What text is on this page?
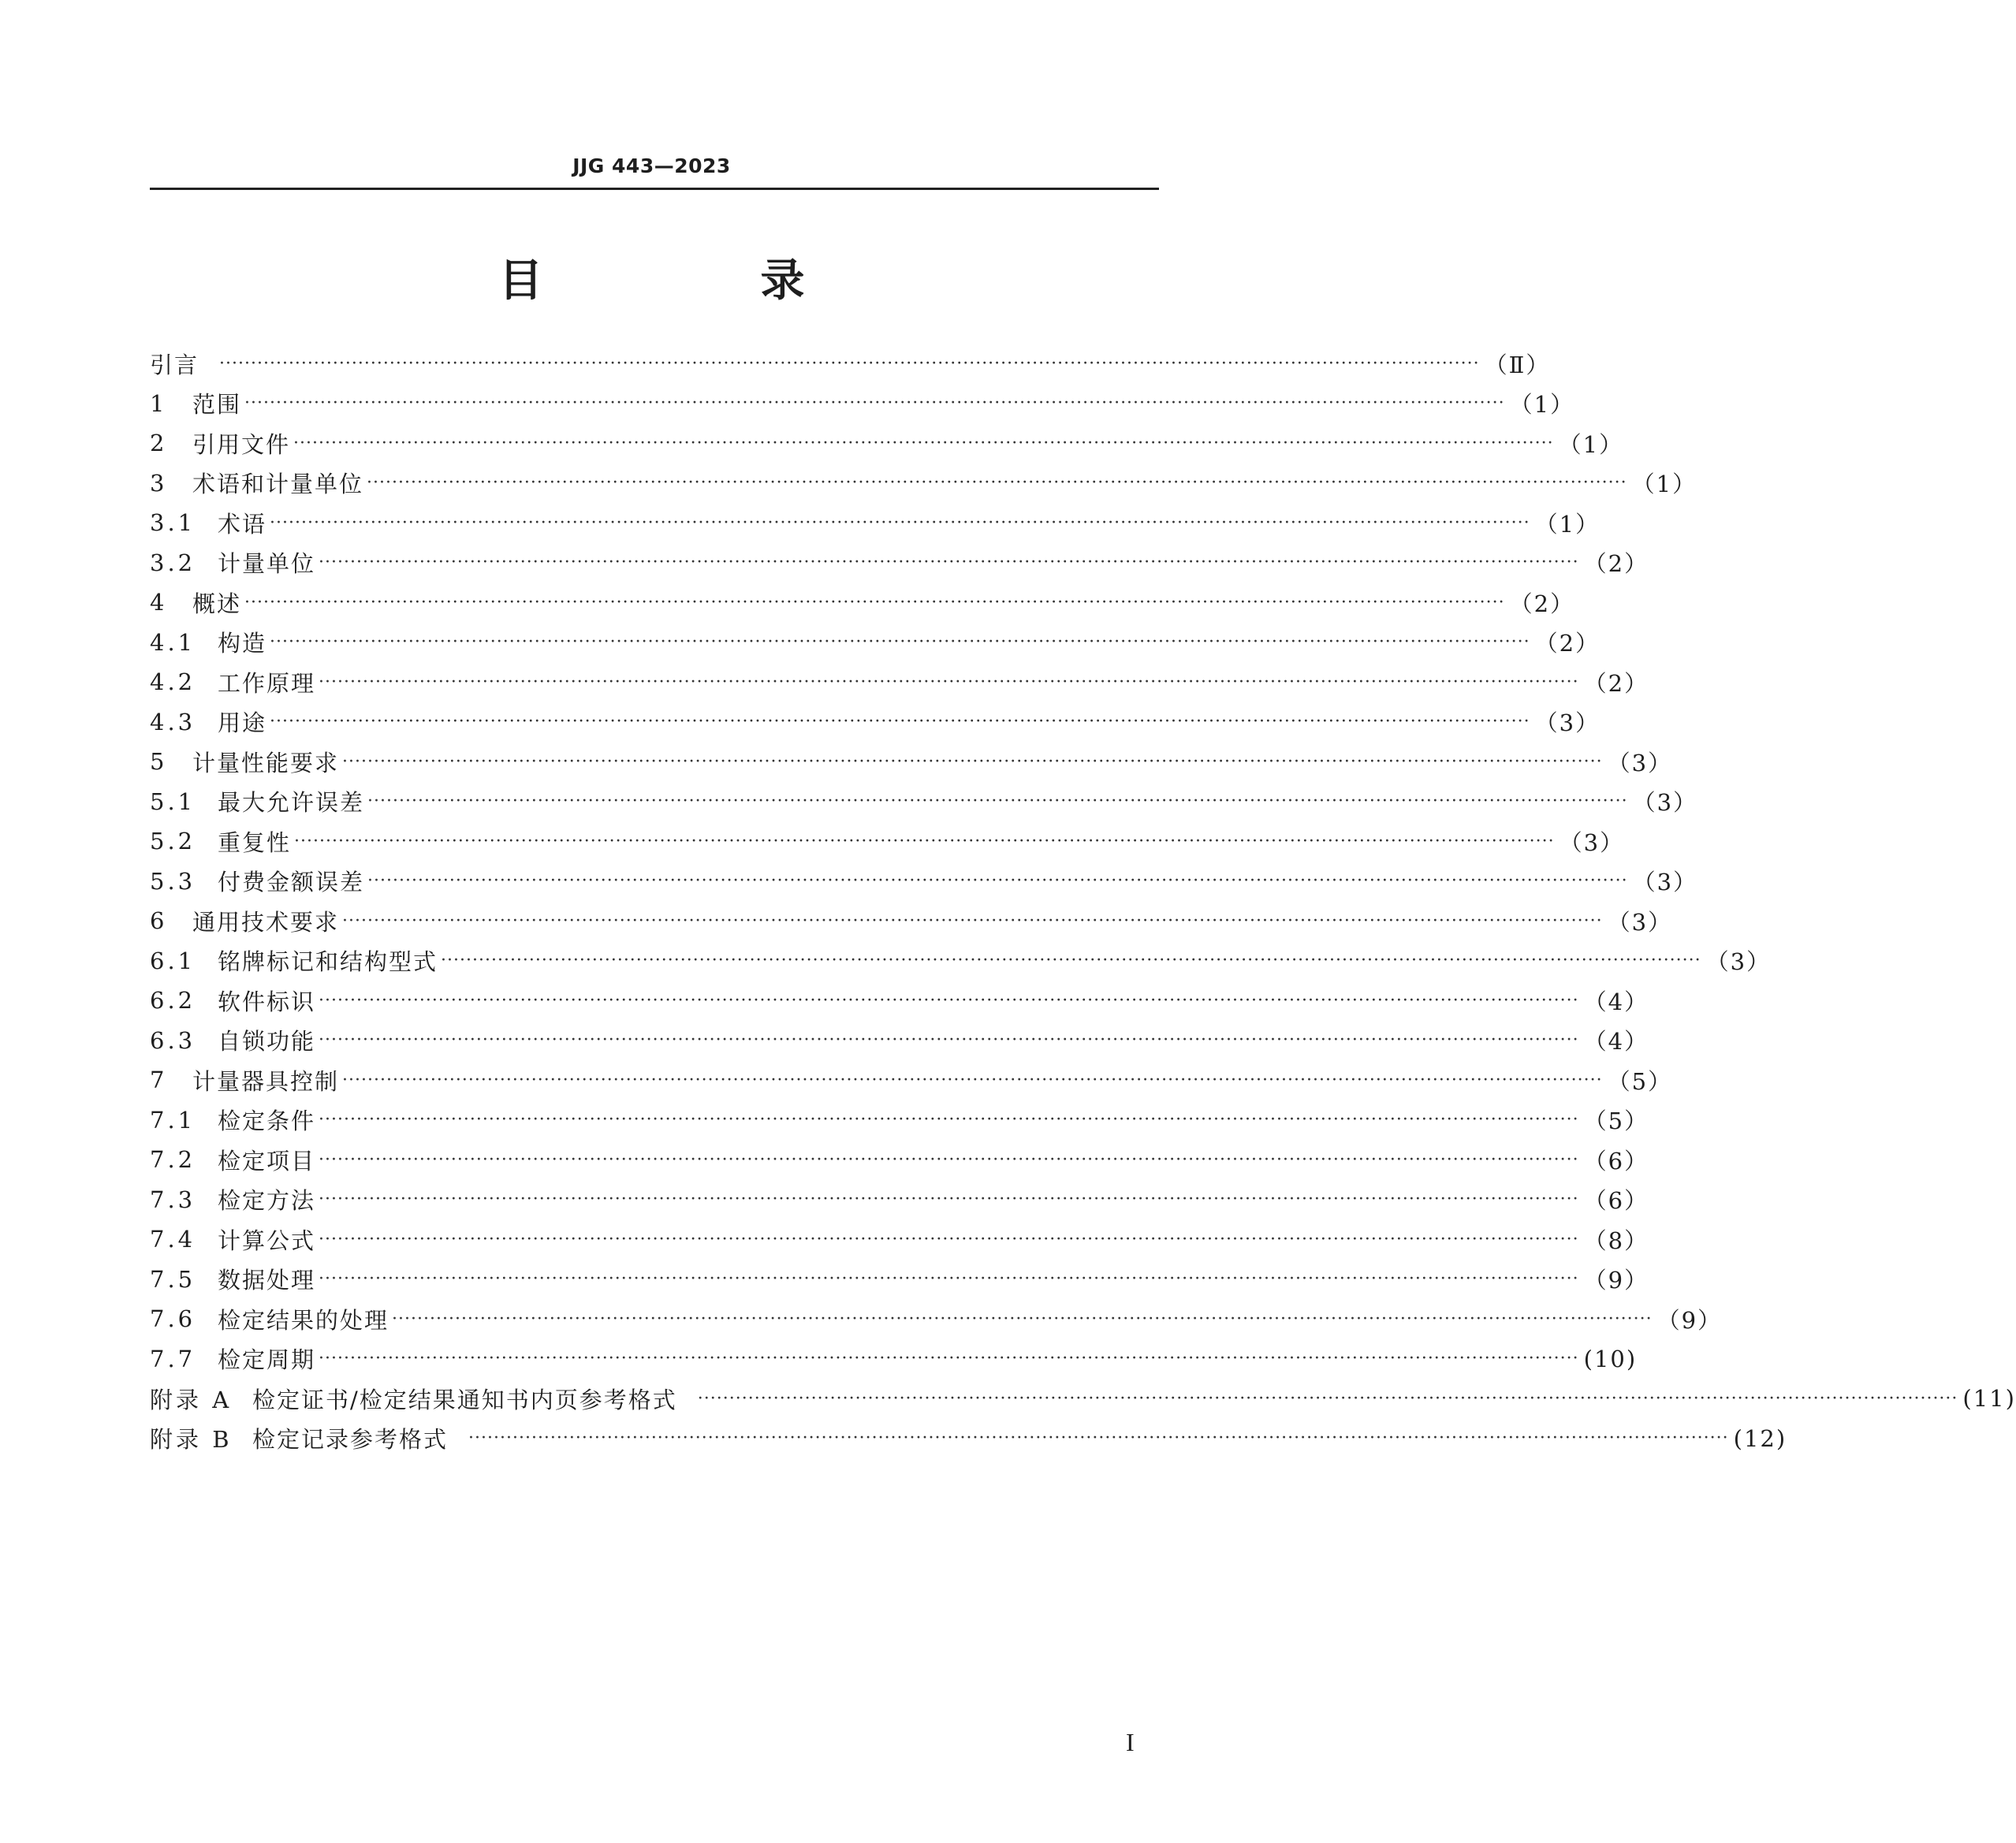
JJG 443—2023
目　录
引言 ········································································································································································································ （Ⅱ）
1	范围 ········································································································································································································ （1）
2	引用文件 ········································································································································································································ （1）
3	术语和计量单位 ········································································································································································································ （1）
3.1 术语 ········································································································································································································ （1）
3.2 计量单位 ········································································································································································································ （2）
4	概述 ········································································································································································································ （2）
4.1 构造 ········································································································································································································ （2）
4.2 工作原理 ········································································································································································································ （2）
4.3 用途 ········································································································································································································ （3）
5	计量性能要求 ········································································································································································································ （3）
5.1 最大允许误差 ········································································································································································································ （3）
5.2 重复性 ········································································································································································································ （3）
5.3 付费金额误差 ········································································································································································································ （3）
6	通用技术要求 ········································································································································································································ （3）
6.1 铭牌标记和结构型式 ········································································································································································································ （3）
6.2 软件标识 ········································································································································································································ （4）
6.3 自锁功能 ········································································································································································································ （4）
7	计量器具控制 ········································································································································································································ （5）
7.1 检定条件 ········································································································································································································ （5）
7.2 检定项目 ········································································································································································································ （6）
7.3 检定方法 ········································································································································································································ （6）
7.4 计算公式 ········································································································································································································ （8）
7.5 数据处理 ········································································································································································································ （9）
7.6 检定结果的处理 ········································································································································································································ （9）
7.7 检定周期 ········································································································································································································ (10)
附录 A 检定证书/检定结果通知书内页参考格式 ········································································································································································································ (11)
附录 B 检定记录参考格式 ········································································································································································································ (12)
I
